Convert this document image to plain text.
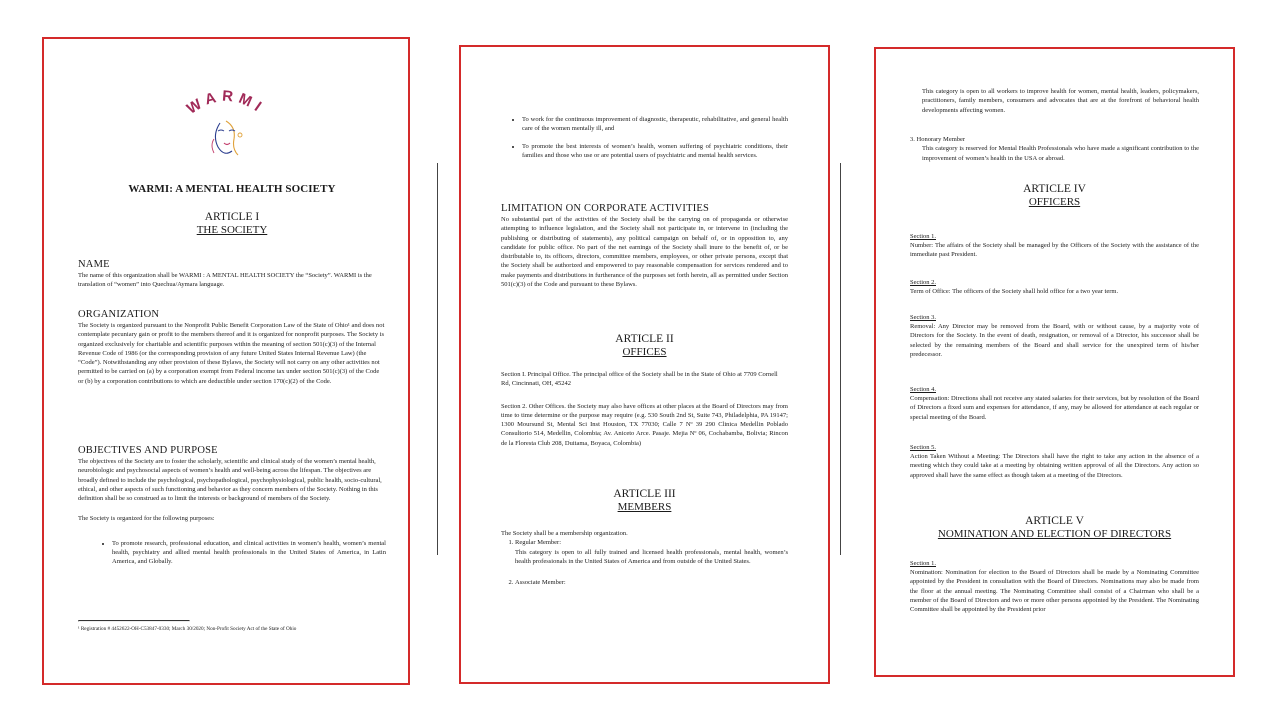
WARMI

WARMI: A MENTAL HEALTH SOCIETY

ARTICLE I

THE SOCIETY

NAME

The name of this organization shall be WARMI : A MENTAL HEALTH SOCIETY the “Society”. WARMI is the translation of “women” into Quechua/Aymara language.

ORGANIZATION

The Society is organized pursuant to the Nonprofit Public Benefit Corporation Law of the State of Ohio¹ and does not contemplate pecuniary gain or profit to the members thereof and it is organized for nonprofit purposes. The Society is organized exclusively for charitable and scientific purposes within the meaning of section 501(c)(3) of the Internal Revenue Code of 1986 (or the corresponding provision of any future United States Internal Revenue Law) (the “Code”). Notwithstanding any other provision of these Bylaws, the Society will not carry on any other activities not permitted to be carried on (a) by a corporation exempt from Federal income tax under section 501(c)(3) of the Code or (b) by a corporation contributions to which are deductible under section 170(c)(2) of the Code.

OBJECTIVES AND PURPOSE

The objectives of the Society are to foster the scholarly, scientific and clinical study of the women’s mental health, neurobiologic and psychosocial aspects of women’s health and well-being across the lifespan. The objectives are broadly defined to include the psychological, psychopathological, psychophysiological, public health, socio-cultural, ethical, and other aspects of such functioning and behavior as they concern members of the Society. Nothing in this definition shall be so construed as to limit the interests or background of members of the Society.

The Society is organized for the following purposes:

• To promote research, professional education, and clinical activities in women’s health, women’s mental health, psychiatry and allied mental health professionals in the United States of America, in Latin America, and Globally.

¹ Registration # 4452622-OH-C53847-0330; March 30/2020; Non-Profit Society Act of the State of Ohio

• To work for the continuous improvement of diagnostic, therapeutic, rehabilitative, and general health care of the women mentally ill, and
• To promote the best interests of women’s health, women suffering of psychiatric conditions, their families and those who use or are potential users of psychiatric and mental health services.

LIMITATION ON CORPORATE ACTIVITIES

No substantial part of the activities of the Society shall be the carrying on of propaganda or otherwise attempting to influence legislation, and the Society shall not participate in, or intervene in (including the publishing or distributing of statements), any political campaign on behalf of, or in opposition to, any candidate for public office. No part of the net earnings of the Society shall inure to the benefit of, or be distributable to, its officers, directors, committee members, employees, or other private persons, except that the Society shall be authorized and empowered to pay reasonable compensation for services rendered and to make payments and distributions in furtherance of the purposes set forth herein, all as permitted under Section 501(c)(3) of the Code and pursuant to these Bylaws.

ARTICLE II

OFFICES

Section I. Principal Office. The principal office of the Society shall be in the State of Ohio at 7709 Cornell Rd, Cincinnati, OH, 45242

Section 2. Other Offices. the Society may also have offices at other places at the Board of Directors may from time to time determine or the purpose may require (e.g. 530 South 2nd St, Suite 743, Philadelphia, PA 19147; 1300 Moursund St, Mental Sci Inst Houston, TX 77030; Calle 7 Nº 39 290 Clinica Medellin Poblado Consultorio 514, Medellin, Colombia; Av. Aniceto Arce. Pasaje. Mejia Nº 06, Cochabamba, Bolivia; Rincon de la Floresta Club 208, Duitama, Boyaca, Colombia)

ARTICLE III

MEMBERS

The Society shall be a membership organization.

1. Regular Member:

This category is open to all fully trained and licensed health professionals, mental health, women’s health professionals in the United States of America and from outside of the United States.
2. Associate Member:

This category is open to all workers to improve health for women, mental health, leaders, policymakers, practitioners, family members, consumers and advocates that are at the forefront of behavioral health developments affecting women.

3. Honorary Member

This category is reserved for Mental Health Professionals who have made a significant contribution to the improvement of women’s health in the USA or abroad.

ARTICLE IV

OFFICERS

Section 1.

Number: The affairs of the Society shall be managed by the Officers of the Society with the assistance of the immediate past President.

Section 2.

Term of Office: The officers of the Society shall hold office for a two year term.

Section 3.

Removal: Any Director may be removed from the Board, with or without cause, by a majority vote of Directors for the Society. In the event of death, resignation, or removal of a Director, his successor shall be selected by the remaining members of the Board and shall service for the unexpired term of his/her predecessor.

Section 4.

Compensation: Directions shall not receive any stated salaries for their services, but by resolution of the Board of Directors a fixed sum and expenses for attendance, if any, may be allowed for attendance at each regular or special meeting of the Board.

Section 5.

Action Taken Without a Meeting: The Directors shall have the right to take any action in the absence of a meeting which they could take at a meeting by obtaining written approval of all the Directors. Any action so approved shall have the same effect as though taken at a meeting of the Directors.

ARTICLE V

NOMINATION AND ELECTION OF DIRECTORS

Section 1.

Nomination: Nomination for election to the Board of Directors shall be made by a Nominating Committee appointed by the President in consultation with the Board of Directors. Nominations may also be made from the floor at the annual meeting. The Nominating Committee shall consist of a Chairman who shall be a member of the Board of Directors and two or more other persons appointed by the President. The Nominating Committee shall be appointed by the President prior
